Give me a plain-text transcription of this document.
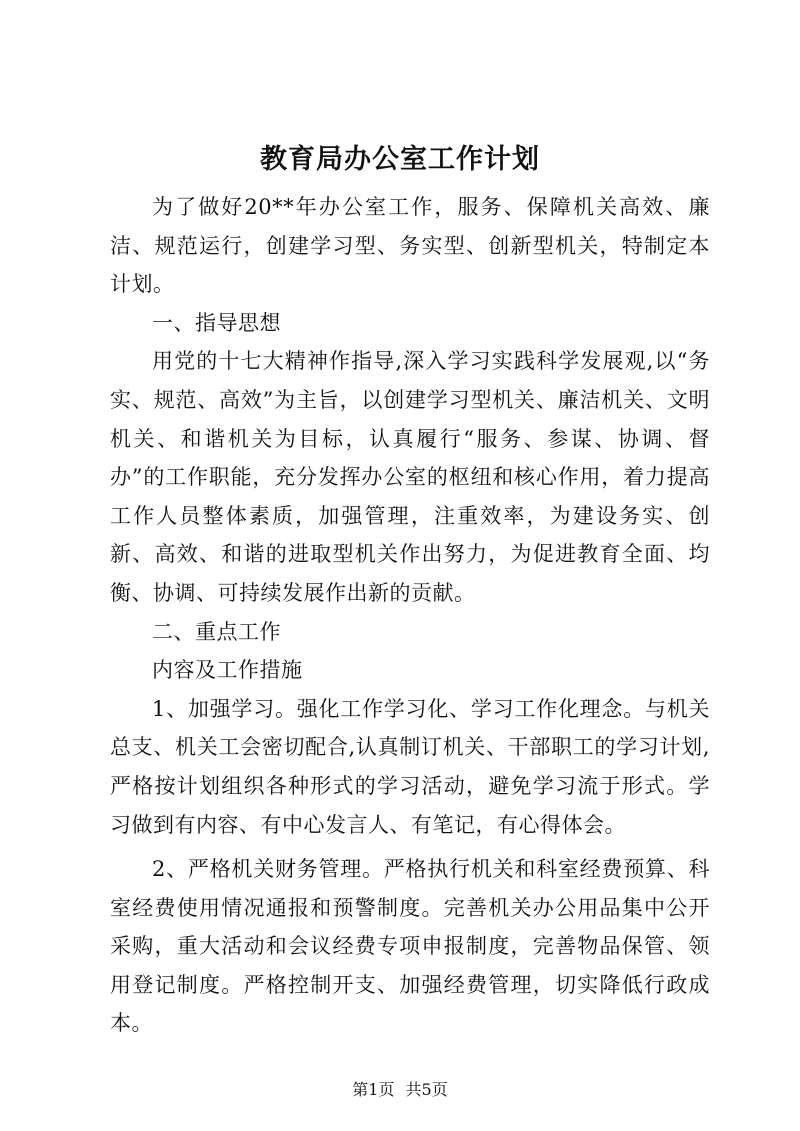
教育局办公室工作计划

为了做好20**年办公室工作，服务、保障机关高效、廉洁、规范运行，创建学习型、务实型、创新型机关，特制定本计划。

一、指导思想

用党的十七大精神作指导,深入学习实践科学发展观,以“务实、规范、高效”为主旨，以创建学习型机关、廉洁机关、文明机关、和谐机关为目标，认真履行“服务、参谋、协调、督办”的工作职能，充分发挥办公室的枢纽和核心作用，着力提高工作人员整体素质，加强管理，注重效率，为建设务实、创新、高效、和谐的进取型机关作出努力，为促进教育全面、均衡、协调、可持续发展作出新的贡献。

二、重点工作

内容及工作措施

1、加强学习。强化工作学习化、学习工作化理念。与机关总支、机关工会密切配合,认真制订机关、干部职工的学习计划,严格按计划组织各种形式的学习活动，避免学习流于形式。学习做到有内容、有中心发言人、有笔记，有心得体会。

2、严格机关财务管理。严格执行机关和科室经费预算、科室经费使用情况通报和预警制度。完善机关办公用品集中公开采购，重大活动和会议经费专项申报制度，完善物品保管、领用登记制度。严格控制开支、加强经费管理，切实降低行政成本。

第1页 共5页
